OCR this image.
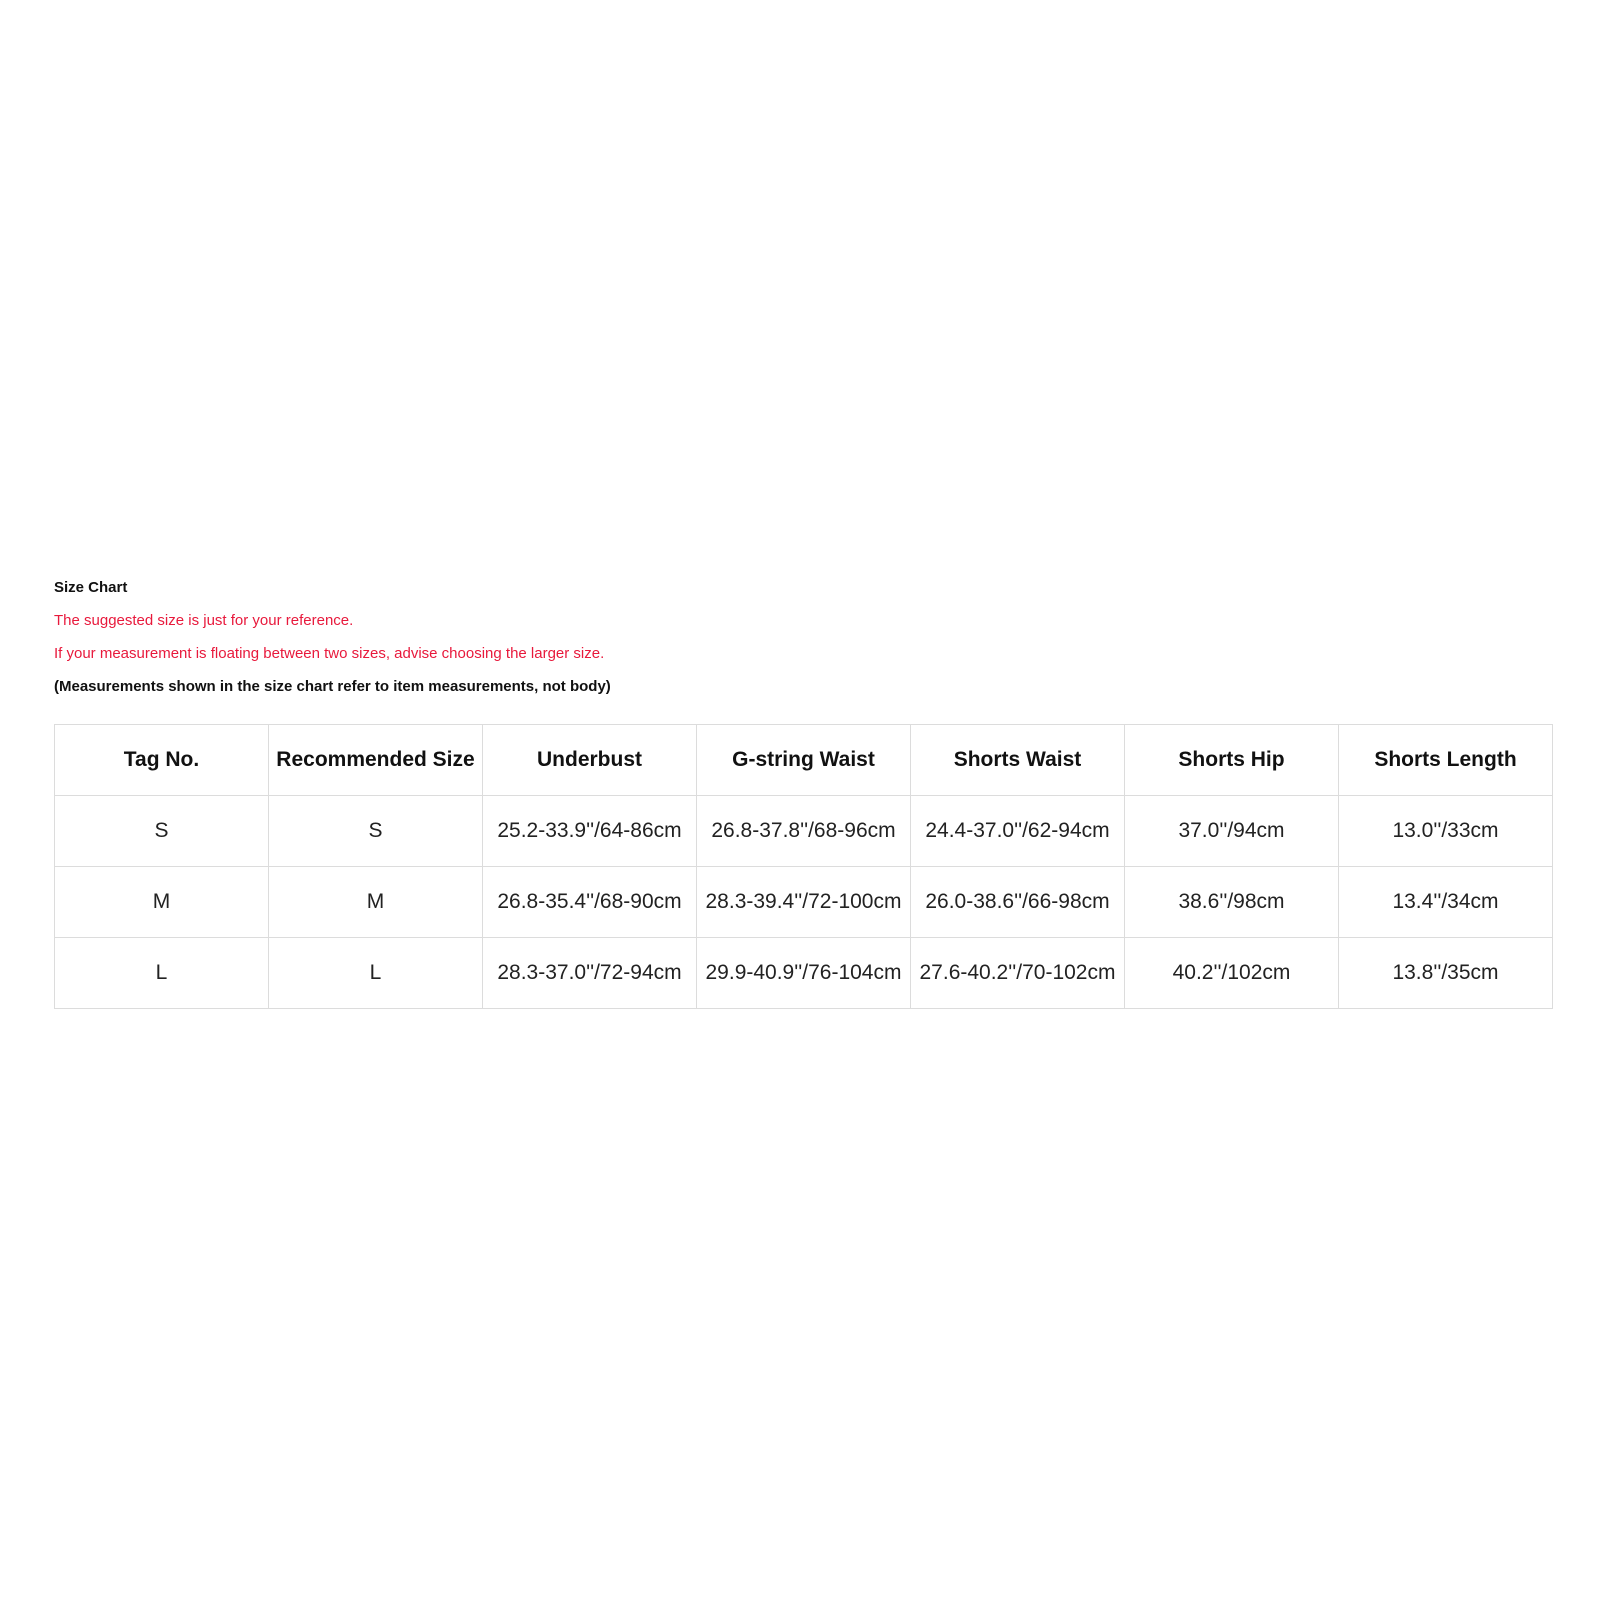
Size Chart
The suggested size is just for your reference.
If your measurement is floating between two sizes, advise choosing the larger size.
(Measurements shown in the size chart refer to item measurements, not body)
Tag No.	Recommended Size	Underbust	G-string Waist	Shorts Waist	Shorts Hip	Shorts Length
S	S	25.2-33.9''/64-86cm	26.8-37.8''/68-96cm	24.4-37.0''/62-94cm	37.0''/94cm	13.0''/33cm
M	M	26.8-35.4''/68-90cm	28.3-39.4''/72-100cm	26.0-38.6''/66-98cm	38.6''/98cm	13.4''/34cm
L	L	28.3-37.0''/72-94cm	29.9-40.9''/76-104cm	27.6-40.2''/70-102cm	40.2''/102cm	13.8''/35cm
